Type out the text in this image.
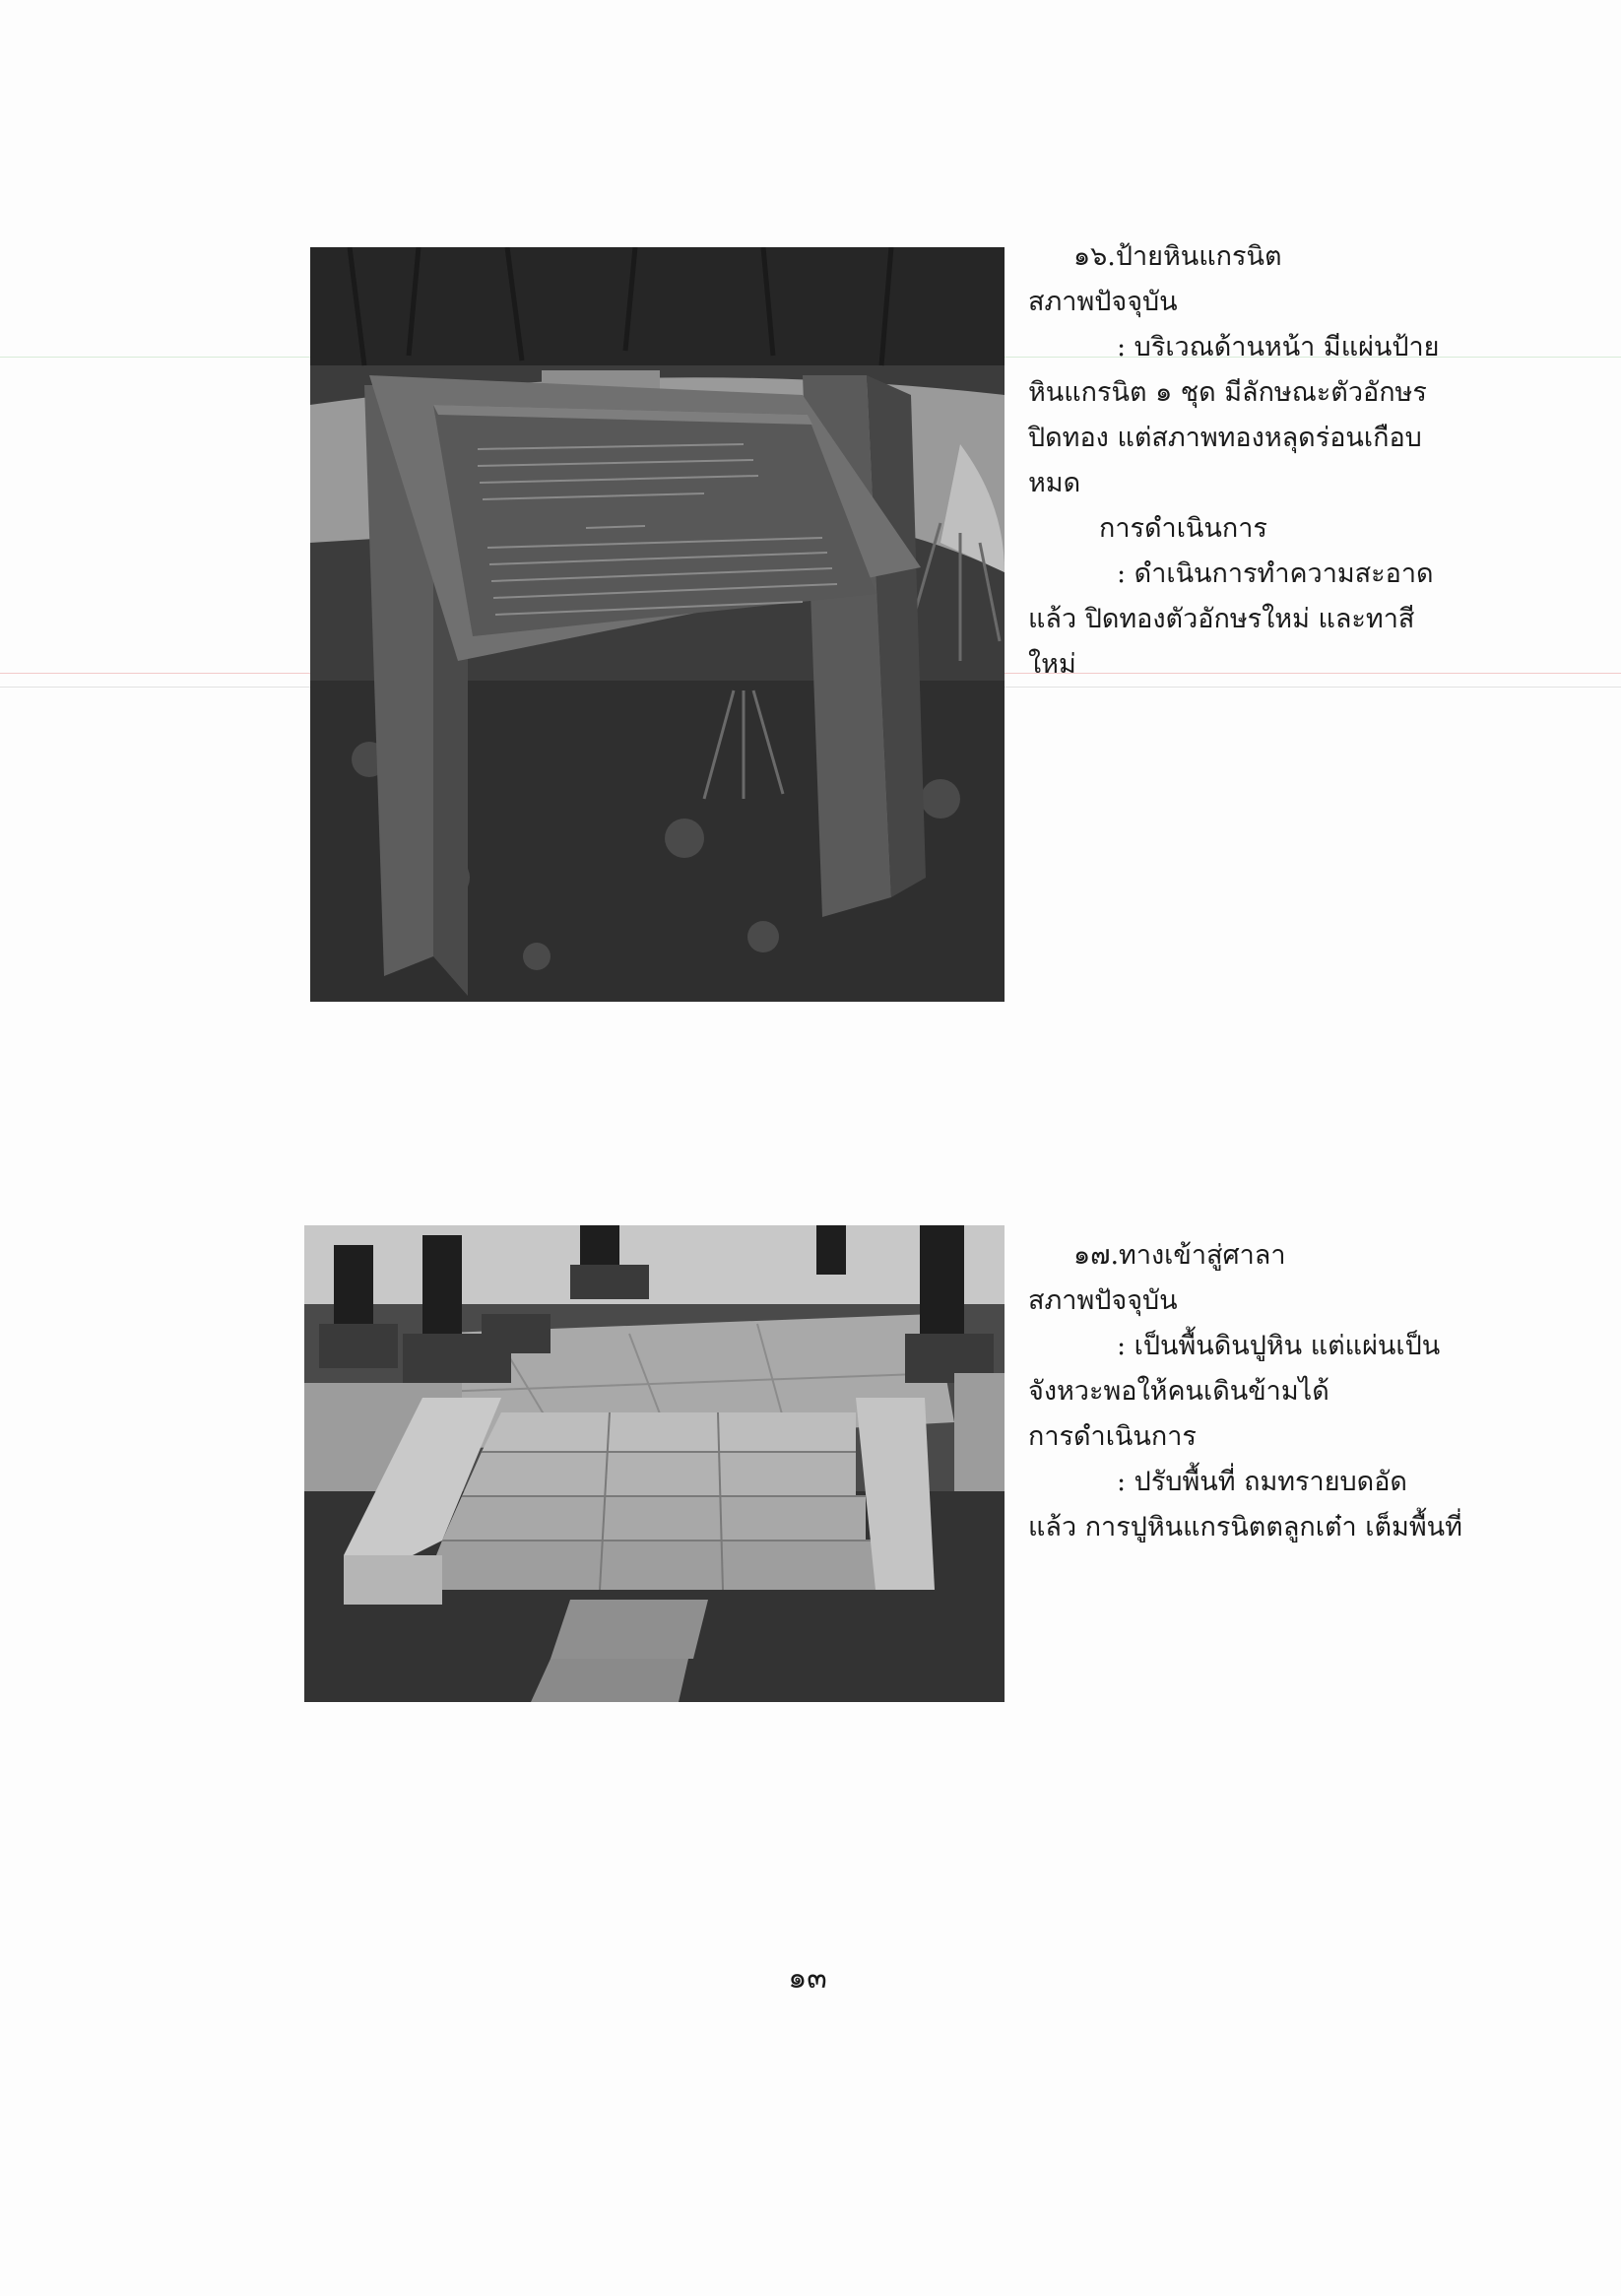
๑๖.ป้ายหินแกรนิต
สภาพปัจจุบัน
: บริเวณด้านหน้า มีแผ่นป้าย
หินแกรนิต ๑ ชุด มีลักษณะตัวอักษร
ปิดทอง แต่สภาพทองหลุดร่อนเกือบ
หมด
การดำเนินการ
: ดำเนินการทำความสะอาด
แล้ว ปิดทองตัวอักษรใหม่ และทาสี
ใหม่
๑๗.ทางเข้าสู่ศาลา
สภาพปัจจุบัน
: เป็นพื้นดินปูหิน แต่แผ่นเป็น
จังหวะพอให้คนเดินข้ามได้
การดำเนินการ
: ปรับพื้นที่ ถมทรายบดอัด
แล้ว การปูหินแกรนิตตลูกเต๋า เต็มพื้นที่
๑๓
